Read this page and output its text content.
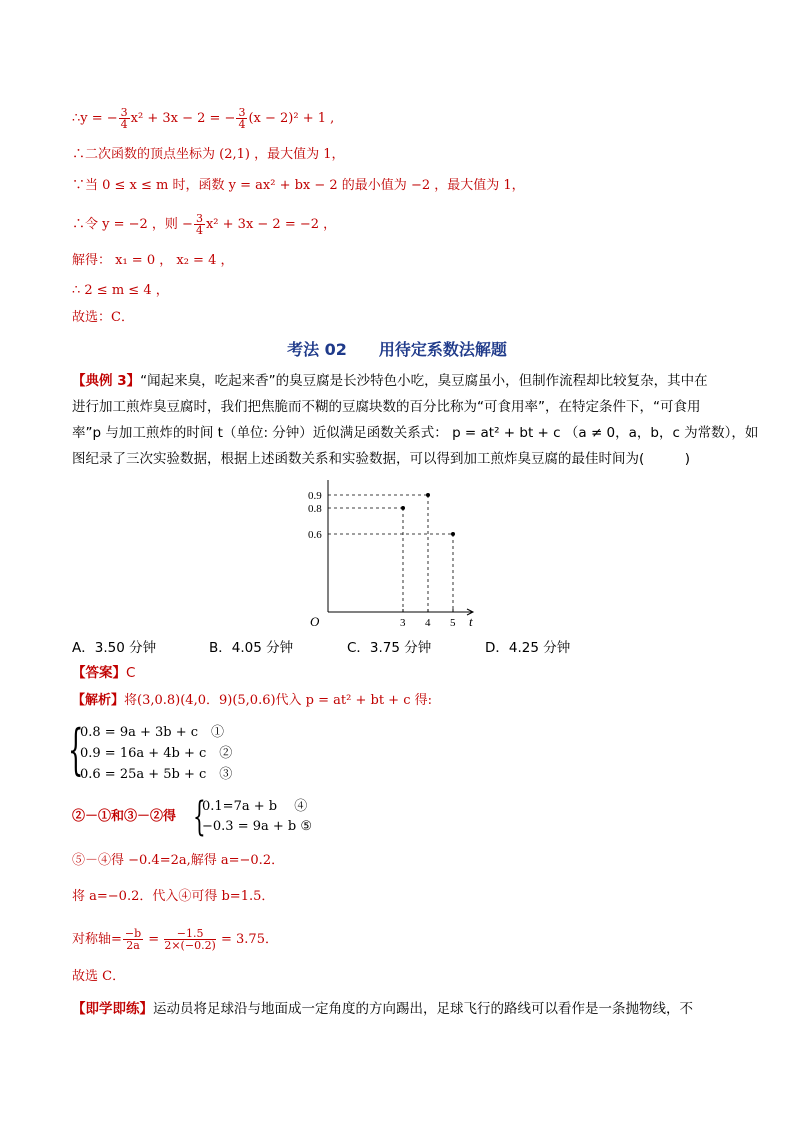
∴y = − $\frac{3}{4} x^2 + 3x - 2$ = − $\frac{3}{4} (x - 2)^2 + 1$ ,
∴二次函数的顶点坐标为 (2,1) ，最大值为 1，
∵当 0 ≤ x ≤ m 时，函数 y = ax² + bx − 2 的最小值为 −2 ，最大值为 1，
∴令 y = −2 ，则 − $\frac{3}{4} x^2 + 3x - 2 = -2$ ，
解得： x₁ = 0 ， x₂ = 4 ，
∴ 2 ≤ m ≤ 4 ，
故选：C．
考法 02　　用待定系数法解题
【典例 3】“闻起来臭，吃起来香”的臭豆腐是长沙特色小吃，臭豆腐虽小，但制作流程却比较复杂，其中在
进行加工煎炸臭豆腐时，我们把焦脆而不糊的豆腐块数的百分比称为“可食用率”，在特定条件下，“可食用
率”p 与加工煎炸的时间 t（单位: 分钟）近似满足函数关系式： p = at² + bt + c （a ≠ 0，a，b，c 为常数），如
图纪录了三次实验数据，根据上述函数关系和实验数据，可以得到加工煎炸臭豆腐的最佳时间为(　　　)
t
O	3 4 5
0.6
0.8
0.9
A．3.50 分钟	B．4.05 分钟	C．3.75 分钟	D．4.25 分钟
【答案】C
【解析】将(3,0.8)(4,0．9)(5,0.6)代入 p = at² + bt + c 得:
{
0.8 = 9a + 3b + c　①
0.9 = 16a + 4b + c　②
0.6 = 25a + 5b + c　③
②－①和③－②得 {
0.1=7a + b　 ④
−0.3 = 9a + b ⑤
⑤－④得 −0.4=2a,解得 a=−0.2．
将 a=−0.2．代入④可得 b=1.5．
对称轴= $\frac{-b}{2a} = \frac{-1.5}{2\times(-0.2)} = 3.75$．
故选 C．
【即学即练】运动员将足球沿与地面成一定角度的方向踢出，足球飞行的路线可以看作是一条抛物线，不
